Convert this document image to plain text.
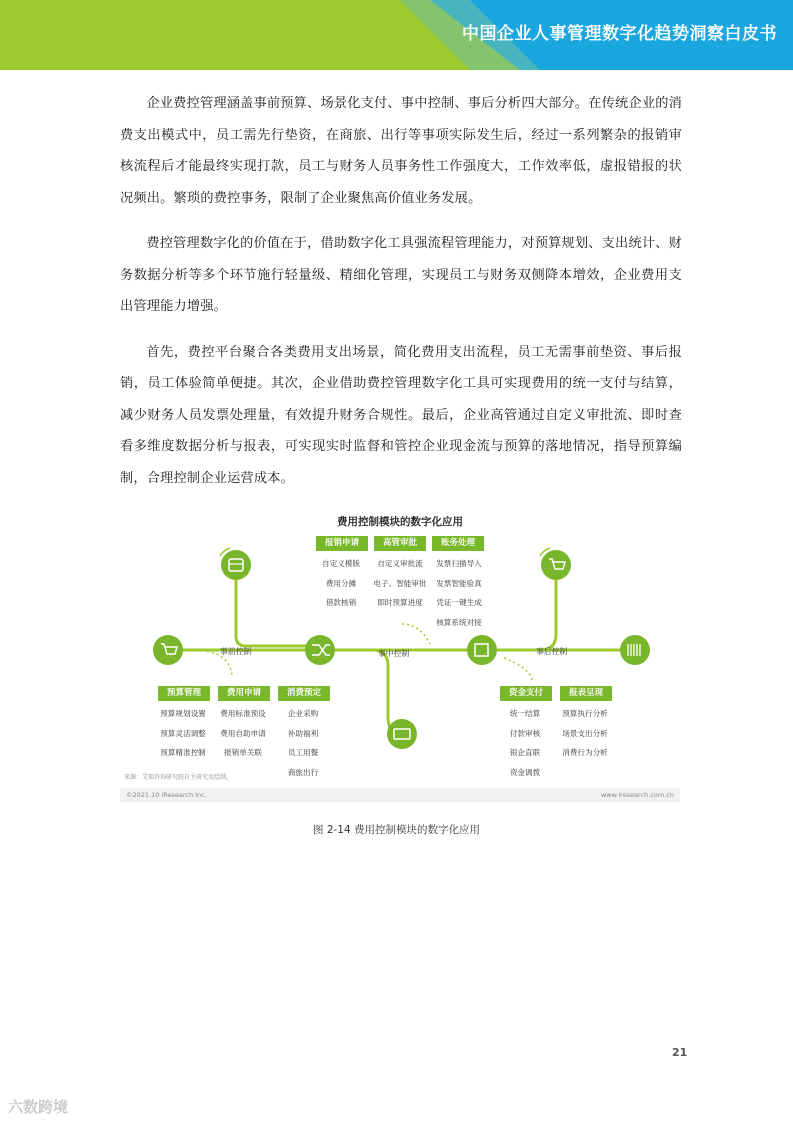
中国企业人事管理数字化趋势洞察白皮书

企业费控管理涵盖事前预算、场景化支付、事中控制、事后分析四大部分。在传统企业的消费支出模式中，员工需先行垫资，在商旅、出行等事项实际发生后，经过一系列繁杂的报销审核流程后才能最终实现打款，员工与财务人员事务性工作强度大，工作效率低，虚报错报的状况频出。繁琐的费控事务，限制了企业聚焦高价值业务发展。

费控管理数字化的价值在于，借助数字化工具强流程管理能力，对预算规划、支出统计、财务数据分析等多个环节施行轻量级、精细化管理，实现员工与财务双侧降本增效，企业费用支出管理能力增强。

首先，费控平台聚合各类费用支出场景，简化费用支出流程，员工无需事前垫资、事后报销，员工体验简单便捷。其次，企业借助费控管理数字化工具可实现费用的统一支付与结算，减少财务人员发票处理量，有效提升财务合规性。最后，企业高管通过自定义审批流、即时查看多维度数据分析与报表，可实现实时监督和管控企业现金流与预算的落地情况，指导预算编制，合理控制企业运营成本。

费用控制模块的数字化应用
报销申请
自定义模版
费用分摊
借款核销
高管审批
自定义审批流
电子、智能审批
即时预算进度
账务处理
发票扫描导入
发票智能验真
凭证一键生成
核算系统对接
事前控制	事中控制	事后控制
预算管理
预算规划设置
预算灵活调整
预算精准控制
费用申请
费用标准预设
费用自助申请
报销单关联
消费预定
企业采购
补助福利
员工用餐
商旅出行
资金支付
统一结算
付款审核
银企直联
资金调拨
报表呈现
预算执行分析
场景支出分析
消费行为分析
来源：艾瑞咨询研究院自主研究及绘制。
©2021.10 iResearch Inc.	www.iresearch.com.cn
图 2-14 费用控制模块的数字化应用
21
六数跨境
